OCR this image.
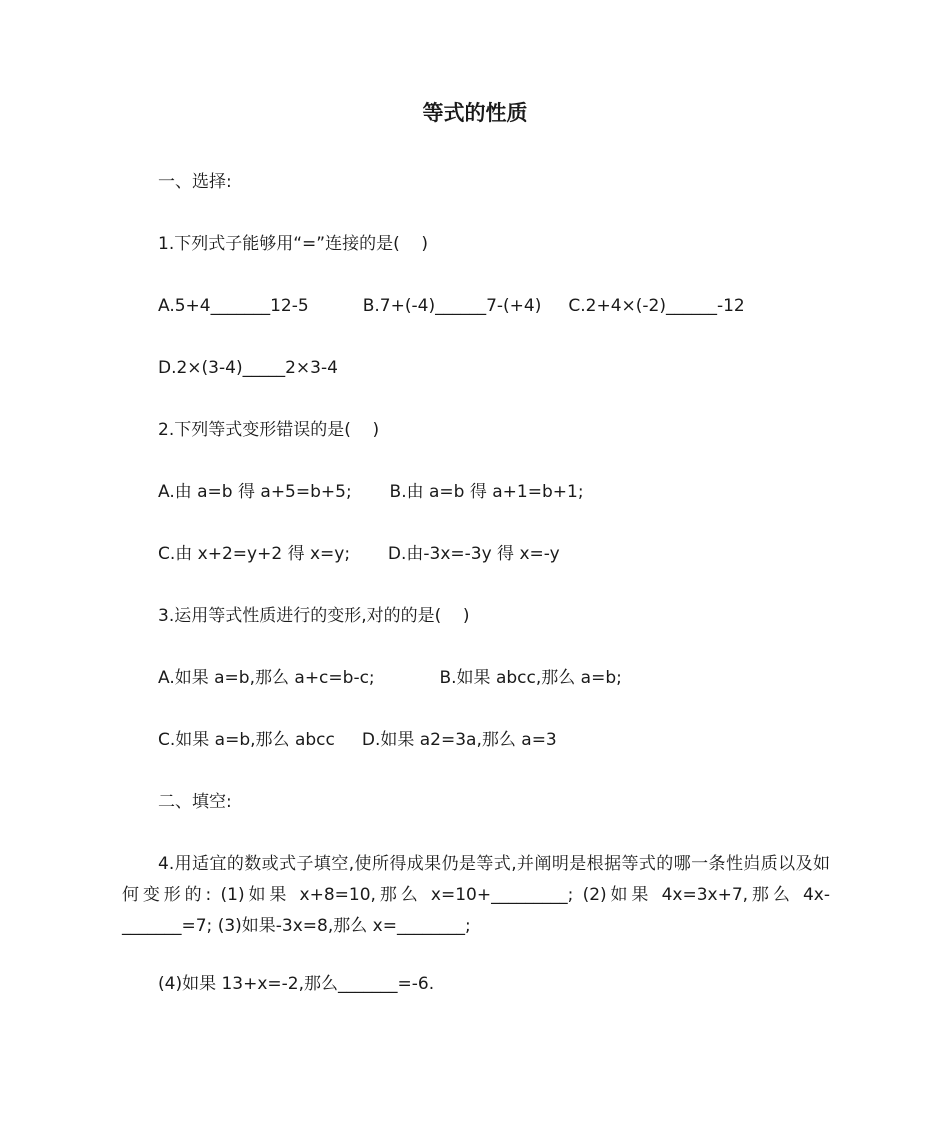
等式的性质
一、选择:
1.下列式子能够用“=”连接的是(    )
A.5+4_______12-5          B.7+(-4)______7-(+4)     C.2+4×(-2)______-12
D.2×(3-4)_____2×3-4
2.下列等式变形错误的是(    )
A.由 a=b 得 a+5=b+5;       B.由 a=b 得 a+1=b+1;
C.由 x+2=y+2 得 x=y;       D.由-3x=-3y 得 x=-y
3.运用等式性质进行的变形,对的的是(    )
A.如果 a=b,那么 a+c=b-c;            B.如果 abcc,那么 a=b;
C.如果 a=b,那么 abcc     D.如果 a2=3a,那么 a=3
二、填空:
4.用适宜的数或式子填空,使所得成果仍是等式,并阐明是根据等式的哪一条性岿质以及如何变形的: (1)如果 x+8=10,那么 x=10+_________; (2)如果 4x=3x+7,那么 4x-_______=7; (3)如果-3x=8,那么 x=________;
(4)如果 13+x=-2,那么_______=-6.
